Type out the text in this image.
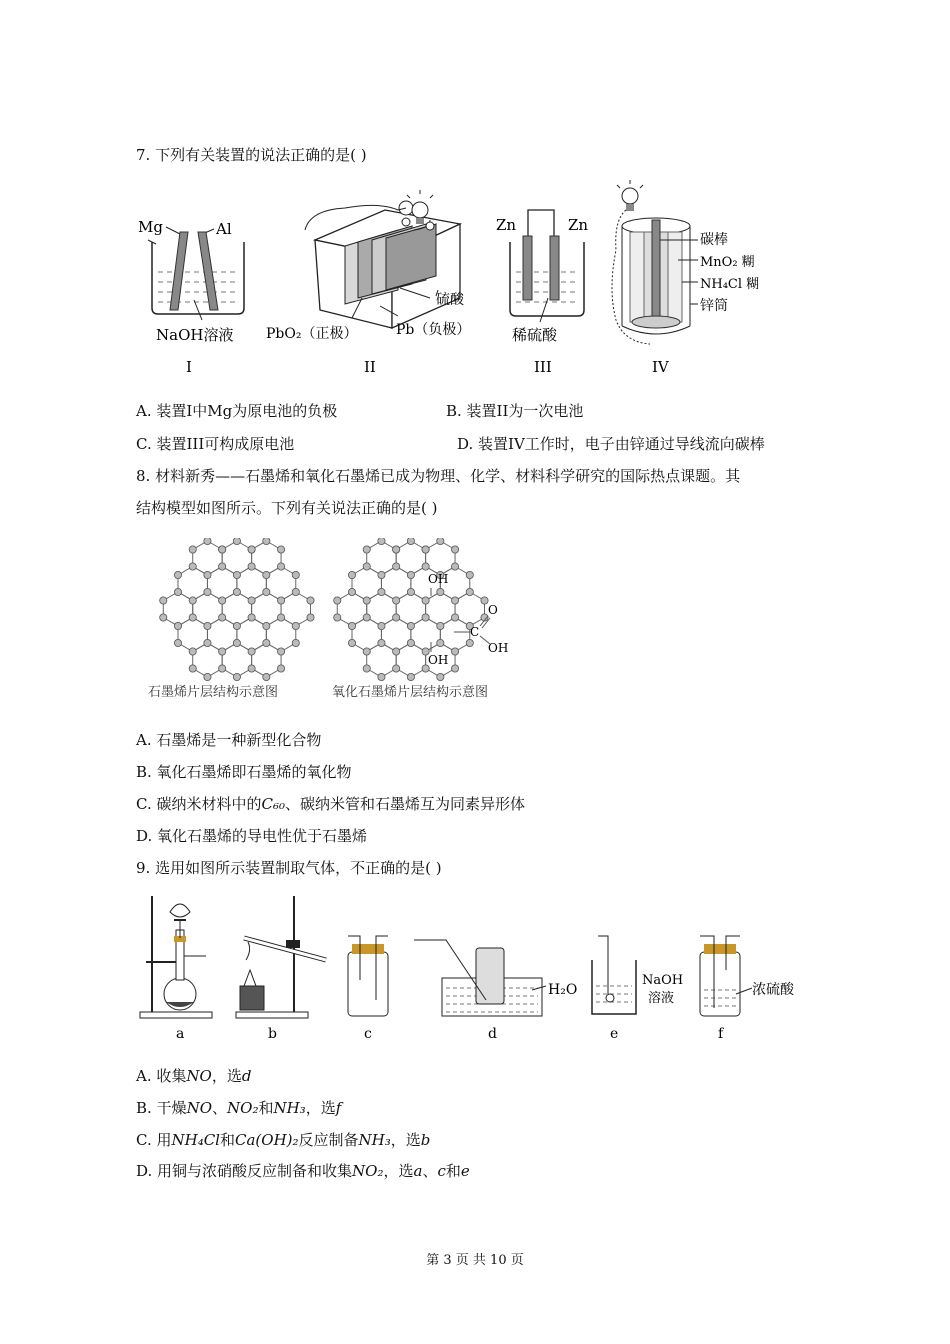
7. 下列有关装置的说法正确的是( )
Mg	Al
NaOH溶液
I
硫酸
PbO₂（正极）	Pb（负极）
II
Zn	Zn
稀硫酸
III
碳棒
MnO₂ 糊
NH₄Cl 糊
锌筒
IV
A. 装置I中Mg为原电池的负极	B. 装置II为一次电池
C. 装置III可构成原电池	D. 装置IV工作时，电子由锌通过导线流向碳棒
8. 材料新秀——石墨烯和氧化石墨烯已成为物理、化学、材料科学研究的国际热点课题。其
结构模型如图所示。下列有关说法正确的是( )
OH
OH
C
O
OH
石墨烯片层结构示意图	氧化石墨烯片层结构示意图
A. 石墨烯是一种新型化合物
B. 氧化石墨烯即石墨烯的氧化物
C. 碳纳米材料中的C₆₀、碳纳米管和石墨烯互为同素异形体
D. 氧化石墨烯的导电性优于石墨烯
9. 选用如图所示装置制取气体，不正确的是( )
a	b	c
H₂O
d
NaOH
溶液
e
浓硫酸
f
A. 收集NO，选d
B. 干燥NO、NO₂和NH₃，选f
C. 用NH₄Cl和Ca(OH)₂反应制备NH₃，选b
D. 用铜与浓硝酸反应制备和收集NO₂，选a、c和e
第 3 页 共 10 页
